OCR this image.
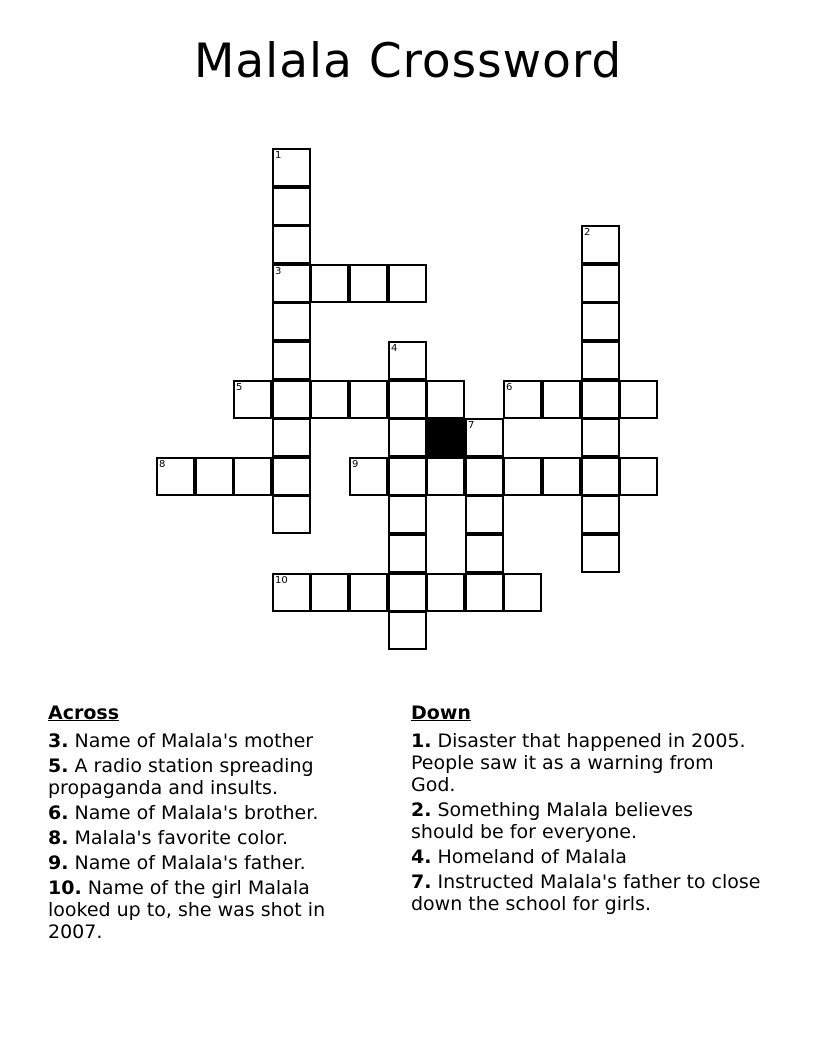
Malala Crossword
1
3
2
4
5	6
7
8	9
10
Across
3. Name of Malala's mother
5. A radio station spreading propaganda and insults.
6. Name of Malala's brother.
8. Malala's favorite color.
9. Name of Malala's father.
10. Name of the girl Malala looked up to, she was shot in 2007.
Down
1. Disaster that happened in 2005. People saw it as a warning from God.
2. Something Malala believes should be for everyone.
4. Homeland of Malala
7. Instructed Malala's father to close down the school for girls.
